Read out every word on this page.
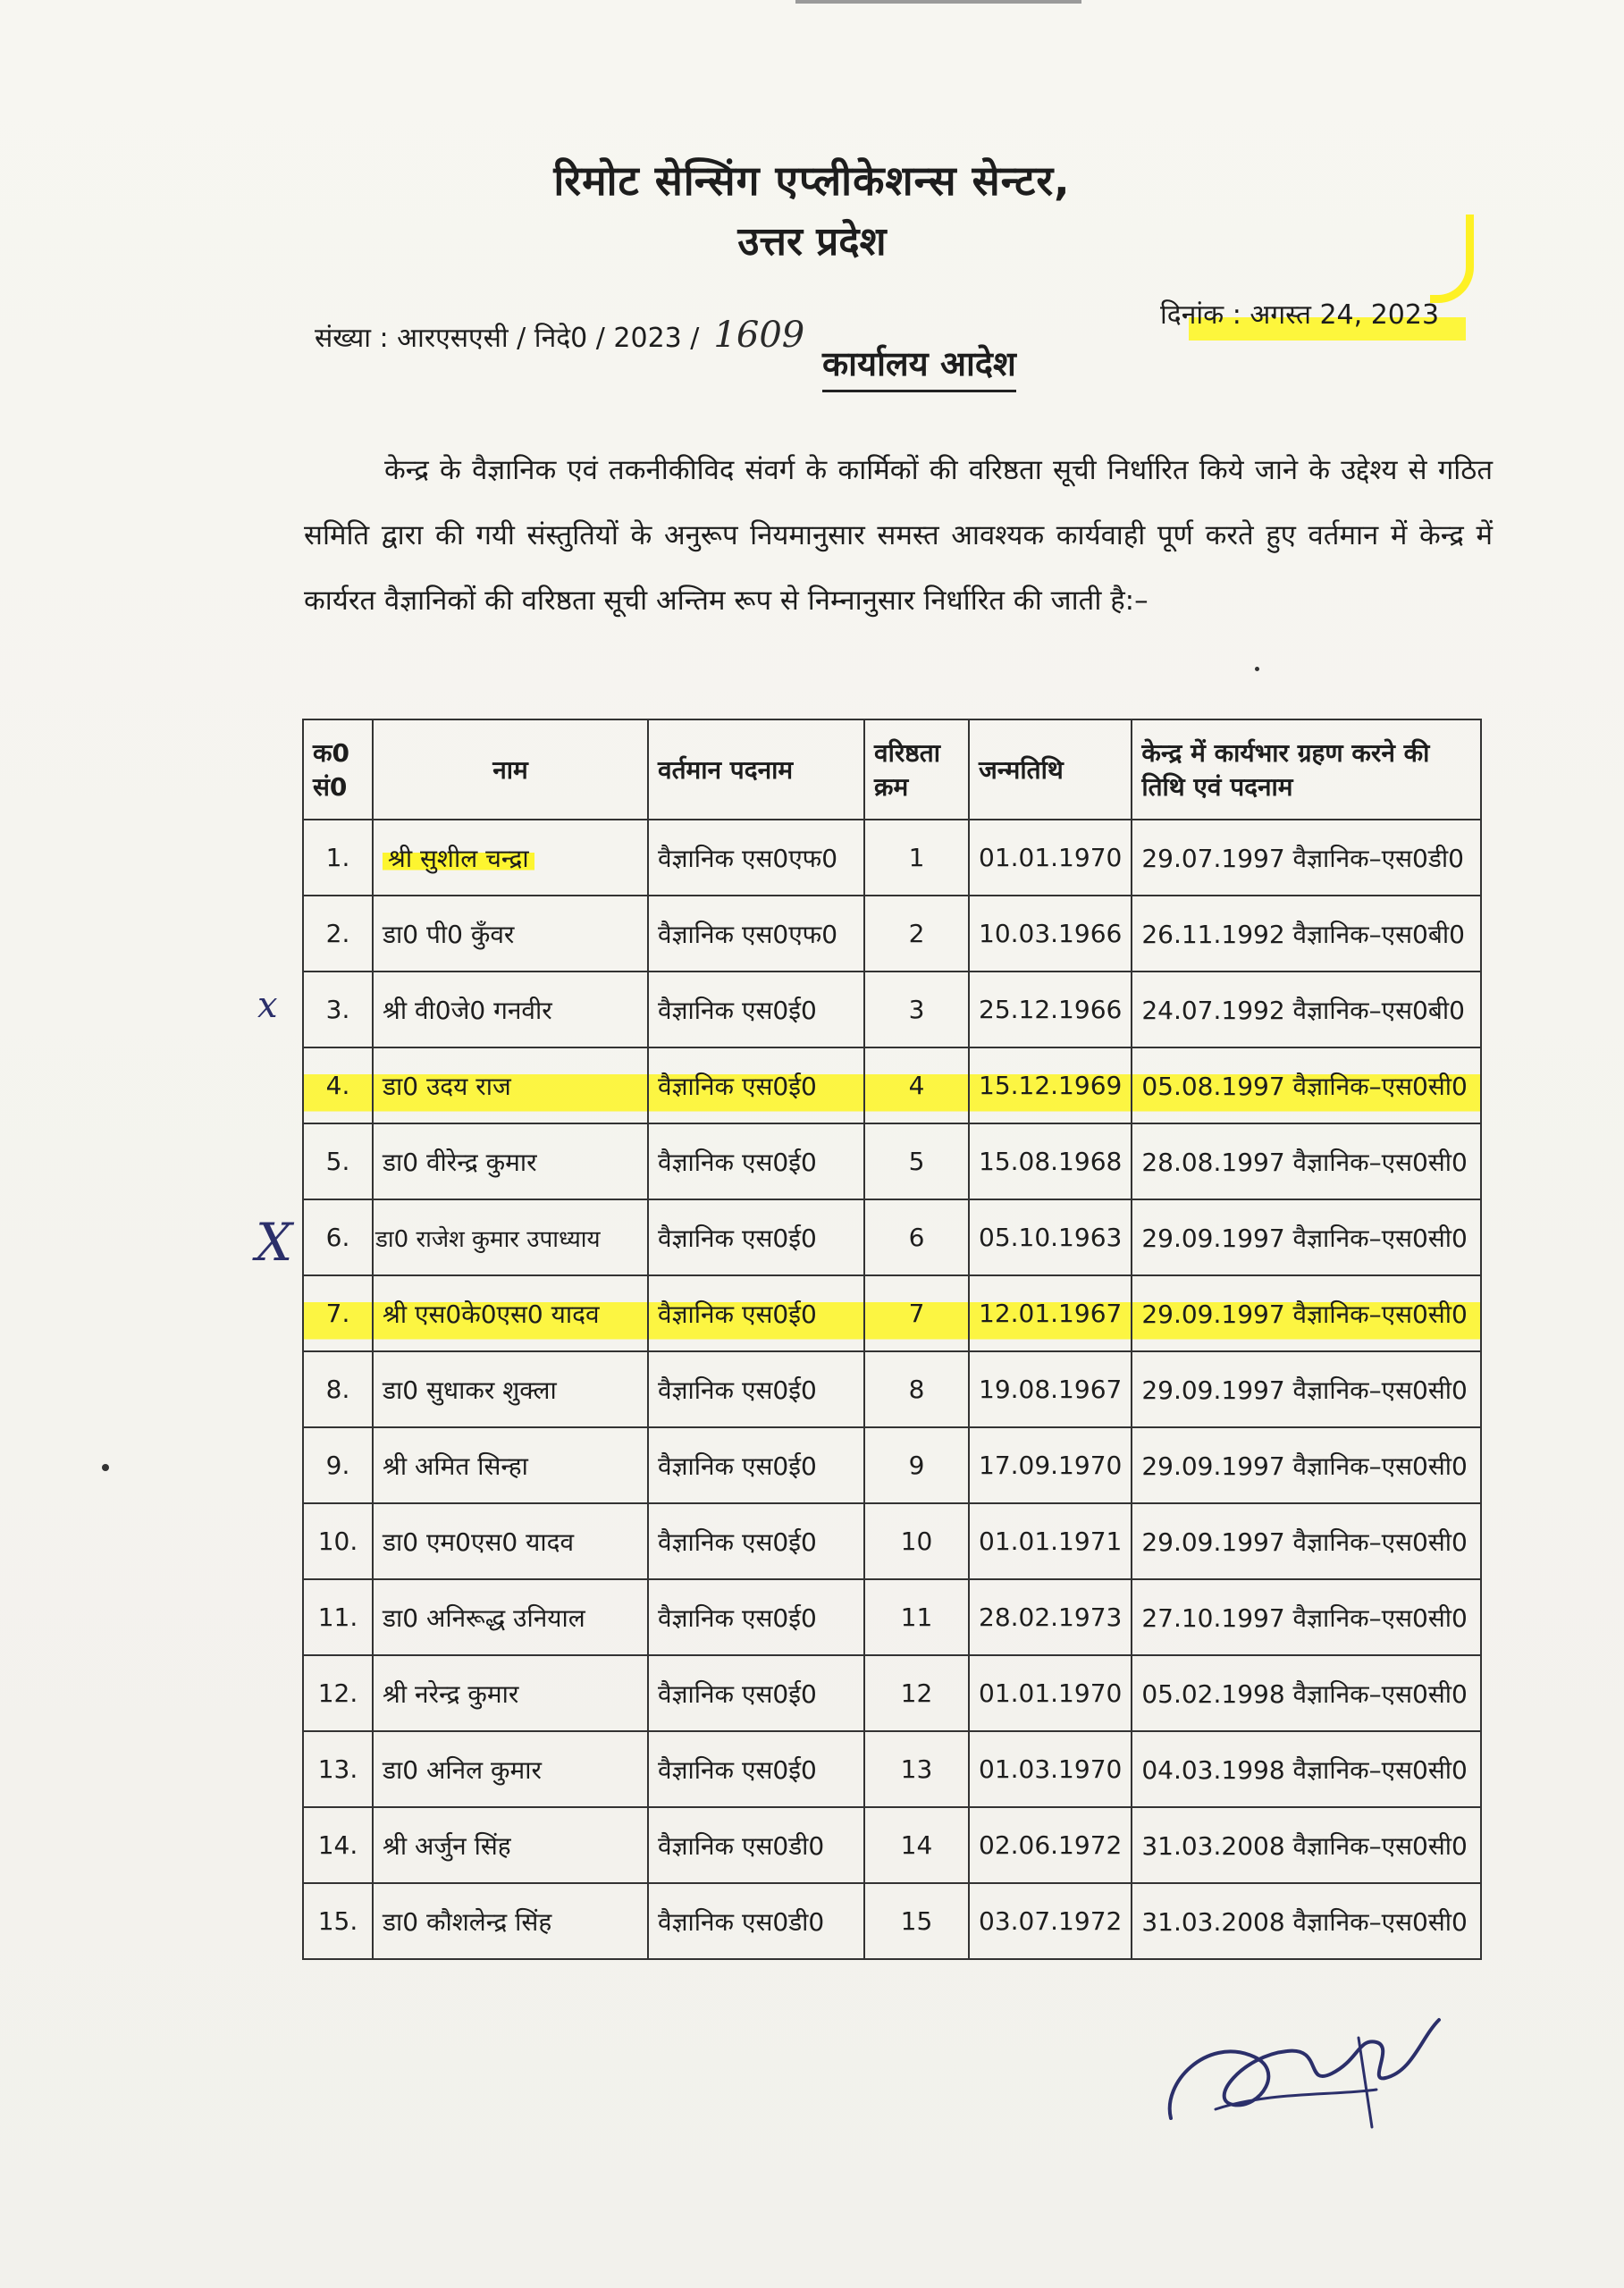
रिमोट सेन्सिंग एप्लीकेशन्स सेन्टर,
उत्तर प्रदेश
दिनांक : अगस्त 24, 2023
संख्या : आरएसएसी / निदे0 / 2023 / 1609
कार्यालय आदेश
केन्द्र के वैज्ञानिक एवं तकनीकीविद संवर्ग के कार्मिकों की वरिष्ठता सूची निर्धारित किये जाने के उद्देश्य से गठित समिति द्वारा की गयी संस्तुतियों के अनुरूप नियमानुसार समस्त आवश्यक कार्यवाही पूर्ण करते हुए वर्तमान में केन्द्र में कार्यरत वैज्ञानिकों की वरिष्ठता सूची अन्तिम रूप से निम्नानुसार निर्धारित की जाती है:–
क0 सं0	नाम	वर्तमान पदनाम	वरिष्ठता क्रम	जन्मतिथि	केन्द्र में कार्यभार ग्रहण करने की तिथि एवं पदनाम
1.	श्री सुशील चन्द्रा	वैज्ञानिक एस0एफ0	1	01.01.1970	29.07.1997 वैज्ञानिक–एस0डी0
2.	डा0 पी0 कुँवर	वैज्ञानिक एस0एफ0	2	10.03.1966	26.11.1992 वैज्ञानिक–एस0बी0
3.	श्री वी0जे0 गनवीर	वैज्ञानिक एस0ई0	3	25.12.1966	24.07.1992 वैज्ञानिक–एस0बी0
4.	डा0 उदय राज	वैज्ञानिक एस0ई0	4	15.12.1969	05.08.1997 वैज्ञानिक–एस0सी0
5.	डा0 वीरेन्द्र कुमार	वैज्ञानिक एस0ई0	5	15.08.1968	28.08.1997 वैज्ञानिक–एस0सी0
6.	डा0 राजेश कुमार उपाध्याय	वैज्ञानिक एस0ई0	6	05.10.1963	29.09.1997 वैज्ञानिक–एस0सी0
7.	श्री एस0के0एस0 यादव	वैज्ञानिक एस0ई0	7	12.01.1967	29.09.1997 वैज्ञानिक–एस0सी0
8.	डा0 सुधाकर शुक्ला	वैज्ञानिक एस0ई0	8	19.08.1967	29.09.1997 वैज्ञानिक–एस0सी0
9.	श्री अमित सिन्हा	वैज्ञानिक एस0ई0	9	17.09.1970	29.09.1997 वैज्ञानिक–एस0सी0
10.	डा0 एम0एस0 यादव	वैज्ञानिक एस0ई0	10	01.01.1971	29.09.1997 वैज्ञानिक–एस0सी0
11.	डा0 अनिरूद्ध उनियाल	वैज्ञानिक एस0ई0	11	28.02.1973	27.10.1997 वैज्ञानिक–एस0सी0
12.	श्री नरेन्द्र कुमार	वैज्ञानिक एस0ई0	12	01.01.1970	05.02.1998 वैज्ञानिक–एस0सी0
13.	डा0 अनिल कुमार	वैज्ञानिक एस0ई0	13	01.03.1970	04.03.1998 वैज्ञानिक–एस0सी0
14.	श्री अर्जुन सिंह	वैज्ञानिक एस0डी0	14	02.06.1972	31.03.2008 वैज्ञानिक–एस0सी0
15.	डा0 कौशलेन्द्र सिंह	वैज्ञानिक एस0डी0	15	03.07.1972	31.03.2008 वैज्ञानिक–एस0सी0
x
X
